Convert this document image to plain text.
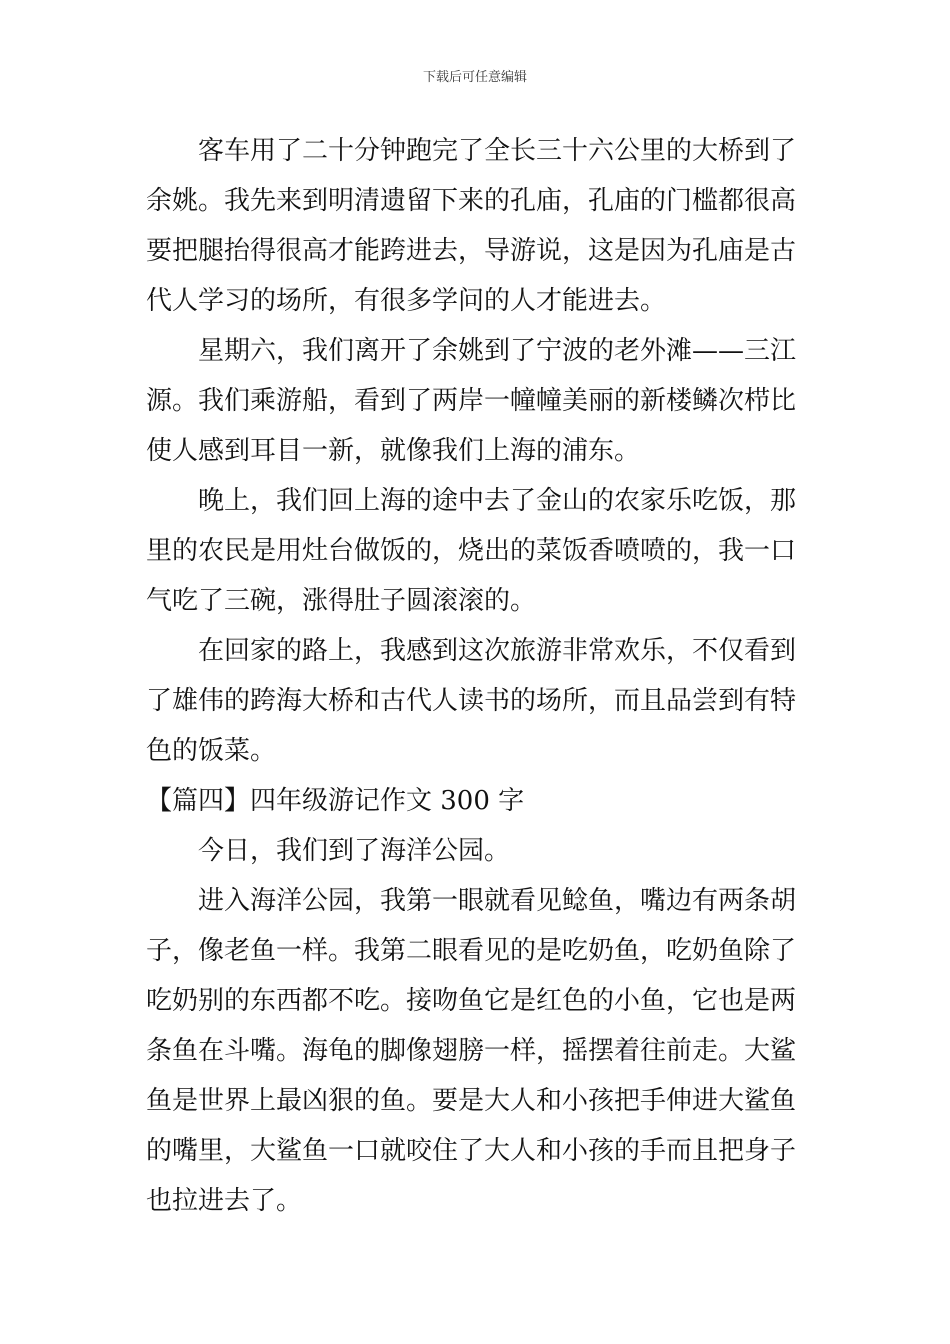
下载后可任意编辑
客车用了二十分钟跑完了全长三十六公里的大桥到了
余姚。我先来到明清遗留下来的孔庙，孔庙的门槛都很高
要把腿抬得很高才能跨进去，导游说，这是因为孔庙是古
代人学习的场所，有很多学问的人才能进去。
星期六，我们离开了余姚到了宁波的老外滩——三江
源。我们乘游船，看到了两岸一幢幢美丽的新楼鳞次栉比
使人感到耳目一新，就像我们上海的浦东。
晚上，我们回上海的途中去了金山的农家乐吃饭，那
里的农民是用灶台做饭的，烧出的菜饭香喷喷的，我一口
气吃了三碗，涨得肚子圆滚滚的。
在回家的路上，我感到这次旅游非常欢乐，不仅看到
了雄伟的跨海大桥和古代人读书的场所，而且品尝到有特
色的饭菜。
【篇四】四年级游记作文 300 字
今日，我们到了海洋公园。
进入海洋公园，我第一眼就看见鲶鱼，嘴边有两条胡
子，像老鱼一样。我第二眼看见的是吃奶鱼，吃奶鱼除了
吃奶别的东西都不吃。接吻鱼它是红色的小鱼，它也是两
条鱼在斗嘴。海龟的脚像翅膀一样，摇摆着往前走。大鲨
鱼是世界上最凶狠的鱼。要是大人和小孩把手伸进大鲨鱼
的嘴里，大鲨鱼一口就咬住了大人和小孩的手而且把身子
也拉进去了。
